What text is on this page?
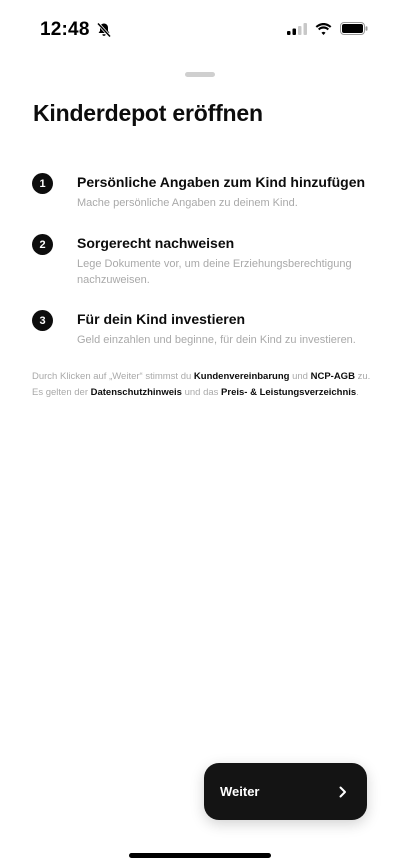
12:48
Kinderdepot eröffnen
1	Persönliche Angaben zum Kind hinzufügen
Mache persönliche Angaben zu deinem Kind.
2	Sorgerecht nachweisen
Lege Dokumente vor, um deine Erziehungsberechtigung nachzuweisen.
3	Für dein Kind investieren
Geld einzahlen und beginne, für dein Kind zu investieren.

Durch Klicken auf „Weiter“ stimmst du Kundenvereinbarung und NCP-AGB zu. Es gelten der Datenschutzhinweis und das Preis- & Leistungsverzeichnis.

Weiter
